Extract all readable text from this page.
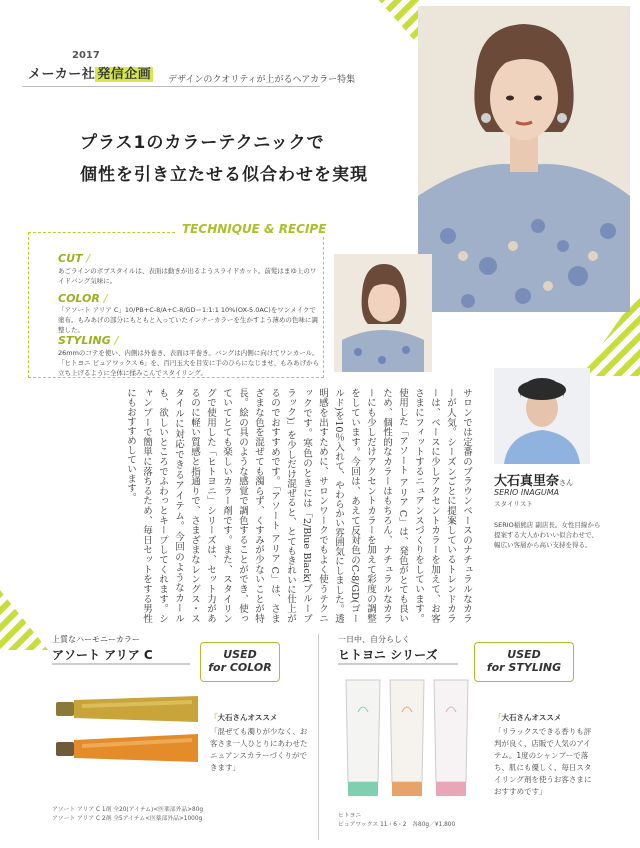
2017
メーカー社 発信企画 デザインのクオリティが上がるヘアカラー特集
プラス1のカラーテクニックで
個性を引き立たせる似合わせを実現
TECHNIQUE & RECIPE
CUT /
あごラインのボブスタイルは、表面は動きが出るようスライドカット。前髪はまゆ上のワイドバング気味に。
COLOR /
「アソート アリア C」10/PB+C-8/A+C-8/GD＝1:1:1 10%(OX-5.0AC)をワンメイクで塗布。もみあげの部分にもともと入っていたインナーカラーを生かすよう薄めの色味に調整した。
STYLING /
26mmのコテを使い、内側は外巻き、表面は平巻き。バングは内側に向けてワンカール。「ヒトヨニ ピュアワックス 6」を、百円玉大を目安に手のひらになじませ、もみあげから立ち上げるように全体に揉みこんでスタイリング。
サロンでは定番のブラウンベースのナチュラルなカラーが人気。シーズンごとに提案しているトレンドカラーは、ベースに少しアクセントカラーを加えて、お客さまにフィットするニュアンスづくりをしています。使用した「アソート アリア C」は、発色がとても良いため、個性的なカラーはもちろん、ナチュラルなカラーにも少しだけアクセントカラーを加えて彩度の調整をしています。今回は、あえて反対色のC-8/GD(ゴールド)を10％入れて、やわらかい雰囲気にしました。透明感を出すために、サロンワークでもよく使うテクニックです。寒色のときには「2/Blue Black(ブルーブラック)」を少しだけ混ぜると、とてもきれいに仕上がるのでおすすめです。「アソート アリア C」は、さまざまな色を混ぜても濁らず、くすみが少ないことが特長。絵の具のような感覚で調色することができ、使っていてとても楽しいカラー剤です。また、スタイリングで使用した「ヒトヨニ」シリーズは、セット力があるのに軽い質感と指通りで、さまざまなレングス・スタイルに対応できるアイテム。今回のようなカールも、欲しいところでふわっとキープしてくれます。シャンプーで簡単に落ちるため、毎日セットをする男性にもおすすめしています。	大石真里奈さん
SERIO INAGUMA
スタイリスト
SERIO稲熊店 副店長。女性目線から提案する大人かわいい似合わせで、幅広い客層から高い支持を得る。
上質なハーモニーカラー
アソート アリア C	USED
for COLOR
「 大石さんオススメ
「混ぜても濁りが少なく、お客さま一人ひとりにあわせたニュアンスカラーづくりができます」
アソート アリア C 1剤 全20(アイテム)<医薬部外品>80g
アソート アリア C 2剤 全5アイテム<医薬部外品>1000g
一日中、自分らしく
ヒトヨニ シリーズ	USED
for STYLING
「 大石さんオススメ
「リラックスできる香りも評判が良く、店販で人気のアイテム。1度のシャンプーで落ち、肌にも優しく、毎日スタイリング剤を使うお客さまにおすすめです」
ヒトヨニ
ピュアワックス 11・6・2　各80g／¥1,800
